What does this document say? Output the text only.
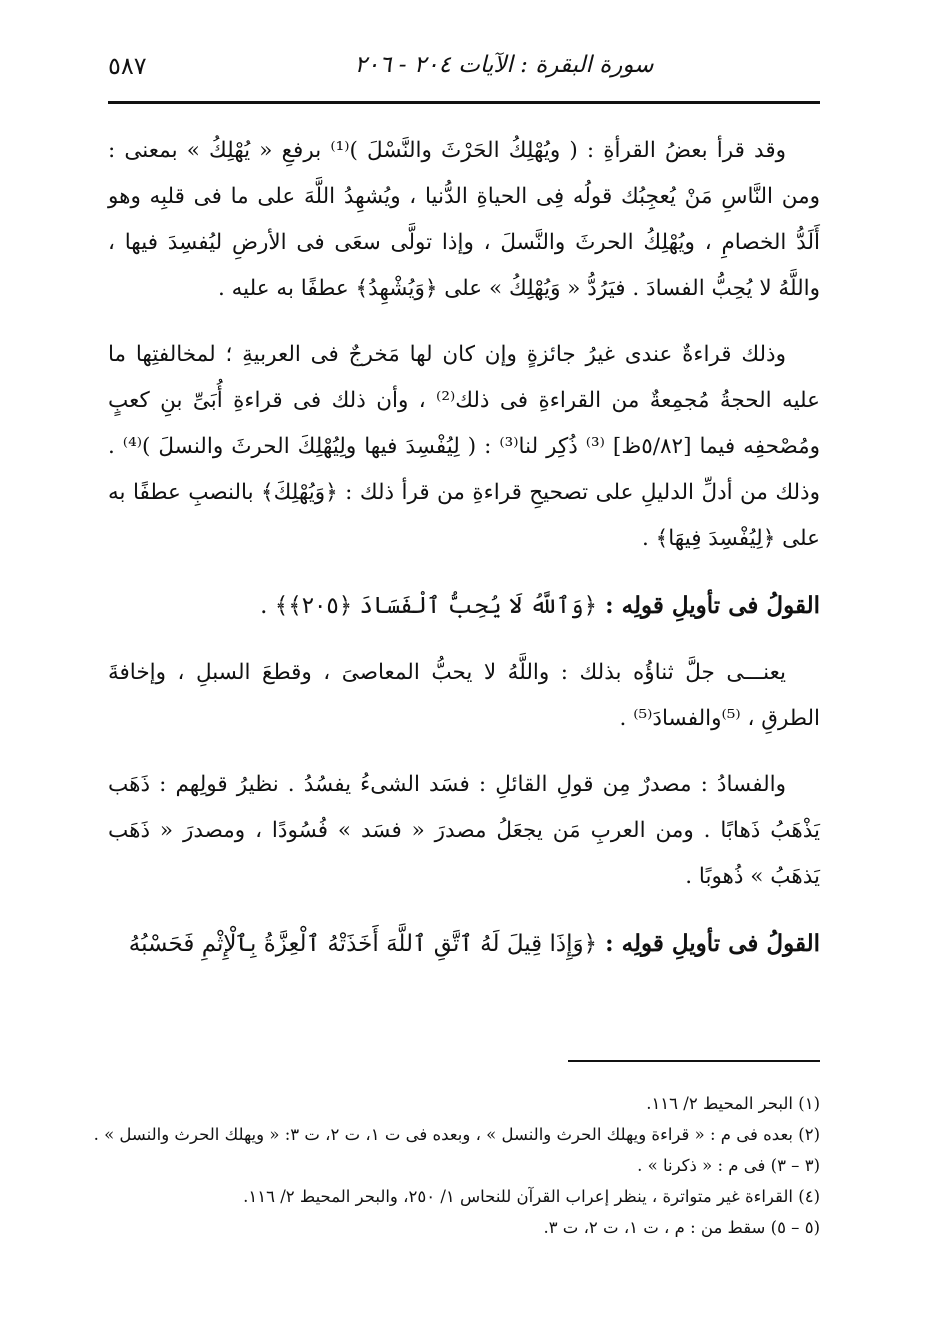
سورة البقرة : الآيات ٢٠٤ - ٢٠٦
٥٨٧

وقد قرأ بعضُ القرأةِ : ( ويُهْلِكُ الحَرْثَ والنَّسْلَ )⁽¹⁾ برفعِ « يُهْلِكُ » بمعنى : ومن النَّاسِ مَنْ يُعجِبُك قولُه فِى الحياةِ الدُّنيا ، ويُشهِدُ اللَّهَ على ما فى قلبِه وهو أَلَدُّ الخصامِ ، ويُهْلِكُ الحرثَ والنَّسلَ ، وإذا تولَّى سعَى فى الأرضِ ليُفسِدَ فيها ، واللَّهُ لا يُحِبُّ الفسادَ . فيَرُدُّ « وَيُهْلِكُ » على ﴿وَيُشْهِدُ﴾ عطفًا به عليه .

وذلك قراءةٌ عندى غيرُ جائزةٍ وإن كان لها مَخرجٌ فى العربيةِ ؛ لمخالفتِها ما عليه الحجةُ مُجمِعةٌ من القراءةِ فى ذلك⁽²⁾ ، وأن ذلك فى قراءةِ أُبَىِّ بنِ كعبٍ ومُصْحفِه فيما [٥/٨٢ظ] ⁽³⁾ ذُكِر لنا⁽³⁾ : ( لِيُفْسِدَ فيها ولِيُهْلِكَ الحرثَ والنسلَ )⁽⁴⁾ . وذلك من أدلِّ الدليلِ على تصحيحِ قراءةِ من قرأ ذلك : ﴿وَيُهْلِكَ﴾ بالنصبِ عطفًا به على ﴿لِيُفْسِدَ فِيهَا﴾ .

القولُ فى تأويلِ قولِه : ﴿وَٱللَّهُ لَا يُحِبُّ ٱلْفَسَادَ ﴿٢٠٥﴾﴾ .

يعنـــى جلَّ ثناؤُه بذلك : واللَّهُ لا يحبُّ المعاصىَ ، وقطعَ السبلِ ، وإخافةَ الطرقِ ، ⁽⁵⁾والفسادَ⁽⁵⁾ .

والفسادُ : مصدرٌ مِن قولِ القائلِ : فسَد الشىءُ يفسُدُ . نظيرُ قولِهم : ذَهَب يَذْهَبُ ذَهابًا . ومن العربِ مَن يجعَلُ مصدرَ « فسَد » فُسُودًا ، ومصدرَ « ذَهَب يَذهَبُ » ذُهوبًا .

القولُ فى تأويلِ قولِه : ﴿وَإِذَا قِيلَ لَهُ ٱتَّقِ ٱللَّهَ أَخَذَتْهُ ٱلْعِزَّةُ بِٱلْإِثْمِ فَحَسْبُهُ

(١) البحر المحيط ٢/ ١١٦.

(٢) بعده فى م : « قراءة ويهلك الحرث والنسل » ، وبعده فى ت ١، ت ٢، ت ٣: « ويهلك الحرث والنسل » .

(٣ – ٣) فى م : « ذكرنا » .

(٤) القراءة غير متواترة ، ينظر إعراب القرآن للنحاس ١/ ٢٥٠، والبحر المحيط ٢/ ١١٦.

(٥ – ٥) سقط من : م ، ت ١، ت ٢، ت ٣.
